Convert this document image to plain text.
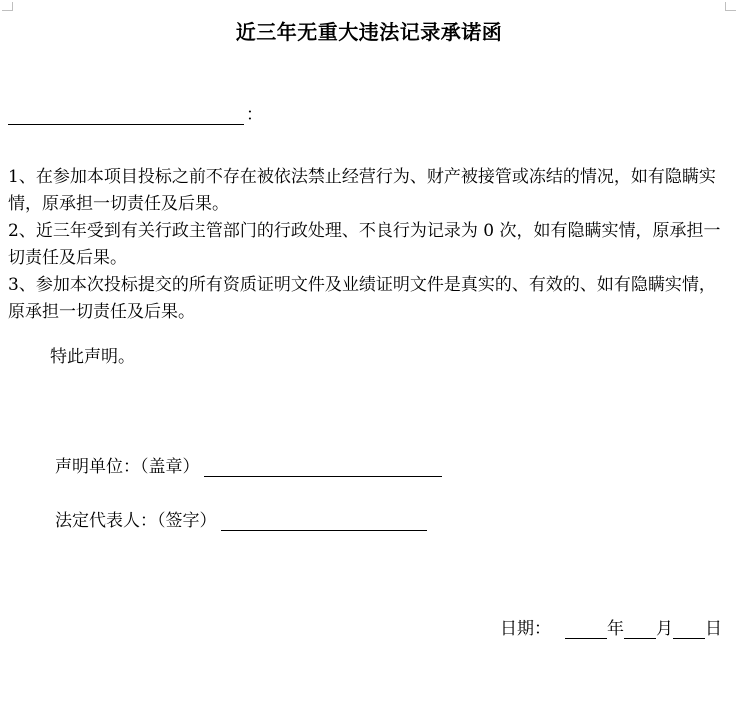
近三年无重大违法记录承诺函
：

1、在参加本项目投标之前不存在被依法禁止经营行为、财产被接管或冻结的情况，如有隐瞒实情，原承担一切责任及后果。

2、近三年受到有关行政主管部门的行政处理、不良行为记录为 0 次，如有隐瞒实情，原承担一切责任及后果。

3、参加本次投标提交的所有资质证明文件及业绩证明文件是真实的、有效的、如有隐瞒实情，原承担一切责任及后果。

特此声明。
声明单位：（盖章）
法定代表人：（签字）
日期：	年 月 日
